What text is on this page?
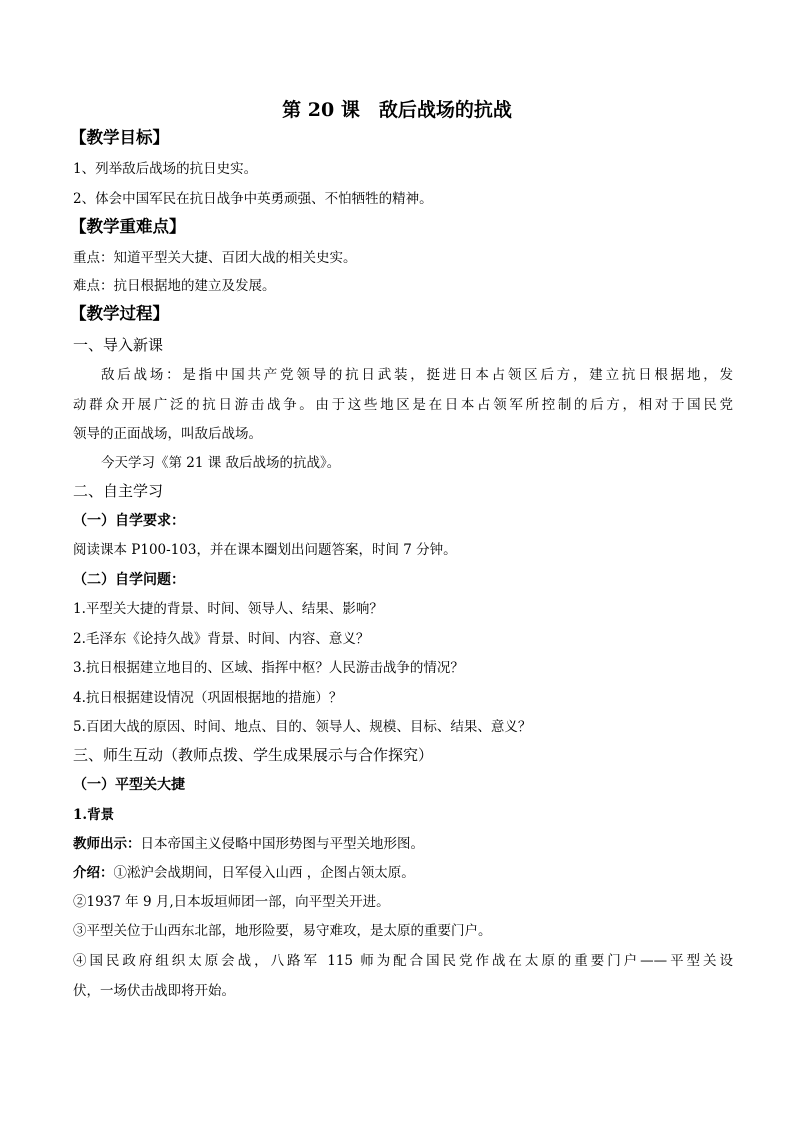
第 20 课　敌后战场的抗战
【教学目标】
1、列举敌后战场的抗日史实。
2、体会中国军民在抗日战争中英勇顽强、不怕牺牲的精神。
【教学重难点】
重点：知道平型关大捷、百团大战的相关史实。
难点：抗日根据地的建立及发展。
【教学过程】
一、导入新课
敌后战场：是指中国共产党领导的抗日武装，挺进日本占领区后方，建立抗日根据地，发
动群众开展广泛的抗日游击战争。由于这些地区是在日本占领军所控制的后方，相对于国民党
领导的正面战场，叫敌后战场。
今天学习《第 21 课 敌后战场的抗战》。
二、自主学习
（一）自学要求：
阅读课本 P100-103，并在课本圈划出问题答案，时间 7 分钟。
（二）自学问题：
1.平型关大捷的背景、时间、领导人、结果、影响？
2.毛泽东《论持久战》背景、时间、内容、意义？
3.抗日根据建立地目的、区域、指挥中枢？人民游击战争的情况？
4.抗日根据建设情况（巩固根据地的措施）？
5.百团大战的原因、时间、地点、目的、领导人、规模、目标、结果、意义？
三、师生互动（教师点拨、学生成果展示与合作探究）
（一）平型关大捷
1.背景
教师出示：日本帝国主义侵略中国形势图与平型关地形图。
介绍：①淞沪会战期间，日军侵入山西 ，企图占领太原。
②1937 年 9 月,日本坂垣师团一部，向平型关开进。
③平型关位于山西东北部，地形险要，易守难攻，是太原的重要门户。
④国民政府组织太原会战，八路军 115 师为配合国民党作战在太原的重要门户——平型关设
伏，一场伏击战即将开始。
